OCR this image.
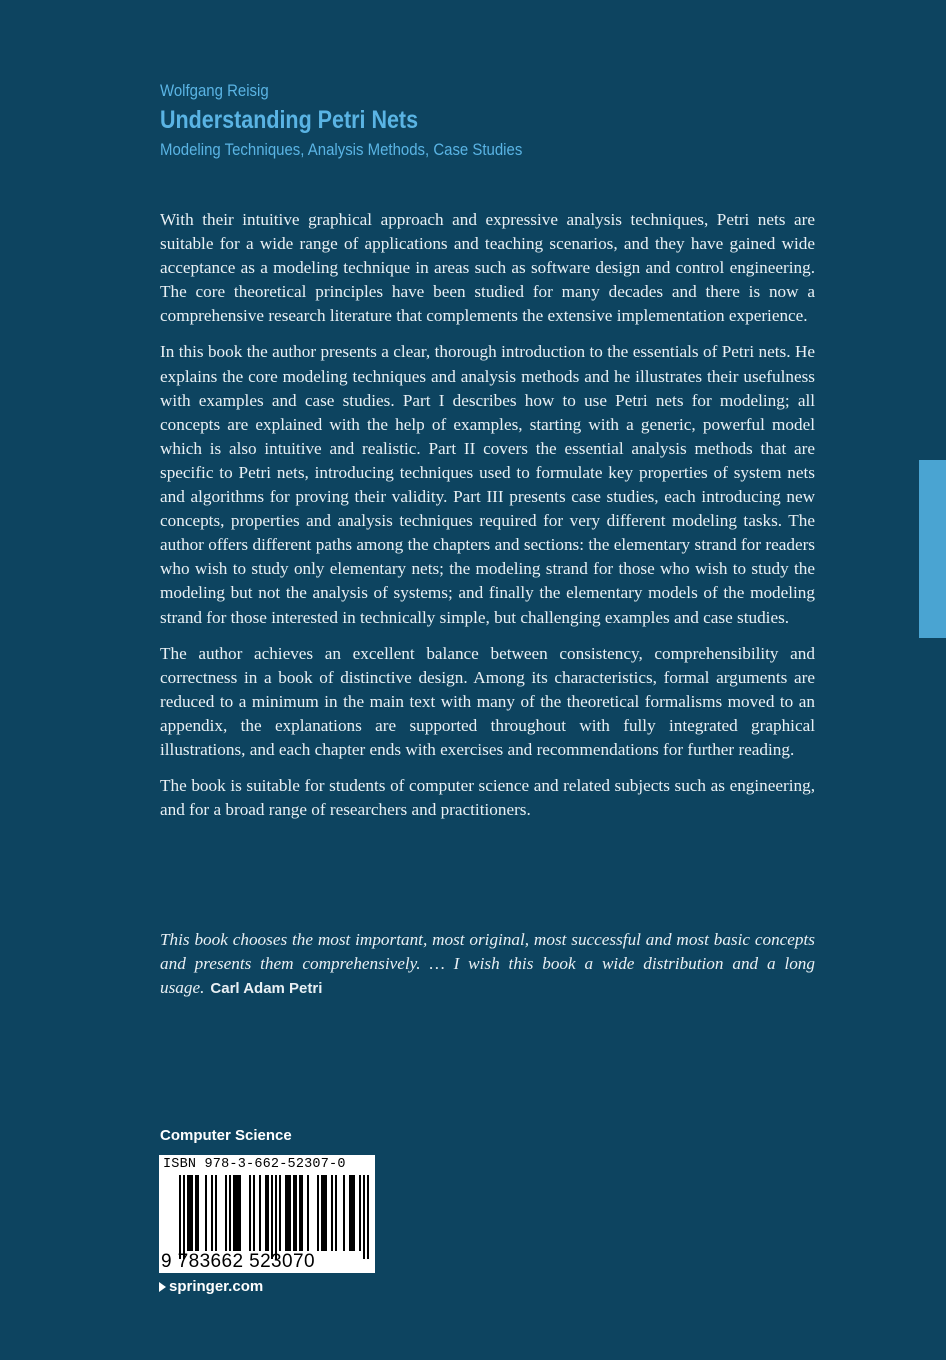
Wolfgang Reisig
Understanding Petri Nets
Modeling Techniques, Analysis Methods, Case Studies

With their intuitive graphical approach and expressive analysis techniques, Petri nets are suitable for a wide range of applications and teaching scenarios, and they have gained wide acceptance as a modeling technique in areas such as software design and control engineering. The core theoretical principles have been studied for many decades and there is now a comprehensive research literature that complements the extensive implementation experience.

In this book the author presents a clear, thorough introduction to the essentials of Petri nets. He explains the core modeling techniques and analysis methods and he illustrates their usefulness with examples and case studies. Part I describes how to use Petri nets for modeling; all concepts are explained with the help of examples, starting with a generic, powerful model which is also intuitive and realistic. Part II covers the essential analysis methods that are specific to Petri nets, introducing techniques used to formulate key properties of system nets and algorithms for proving their validity. Part III presents case studies, each introducing new concepts, properties and analysis techniques required for very different modeling tasks. The author offers different paths among the chapters and sections: the elementary strand for readers who wish to study only elementary nets; the modeling strand for those who wish to study the modeling but not the analysis of systems; and finally the elementary models of the modeling strand for those interested in technically simple, but challenging examples and case studies.

The author achieves an excellent balance between consistency, comprehensibility and correctness in a book of distinctive design. Among its characteristics, formal arguments are reduced to a minimum in the main text with many of the theoretical formalisms moved to an appendix, the explanations are supported throughout with fully integrated graphical illustrations, and each chapter ends with exercises and recommendations for further reading.

The book is suitable for students of computer science and related subjects such as engineering, and for a broad range of researchers and practitioners.

This book chooses the most important, most original, most successful and most basic concepts and presents them comprehensively. … I wish this book a wide distribution and a long usage. Carl Adam Petri

Computer Science
ISBN 978-3-662-52307-0
9 783662 523070
springer.com
